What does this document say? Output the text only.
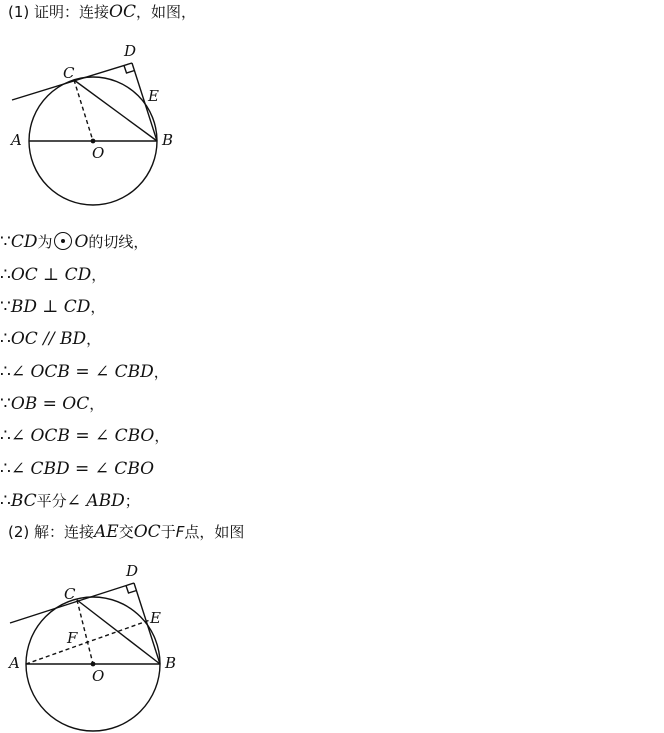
(1) 证明：连接OC，如图，
A	B
C
D
E
O
∵CD为 O的切线，
∴OC ⊥ CD，
∵BD ⊥ CD，
∴OC // BD，
∴∠ OCB = ∠ CBD，
∵OB = OC，
∴∠ OCB = ∠ CBO，
∴∠ CBD = ∠ CBO
∴BC平分∠ ABD；
(2) 解：连接AE交OC于F点，如图
A	B
C
D
E
F
O
